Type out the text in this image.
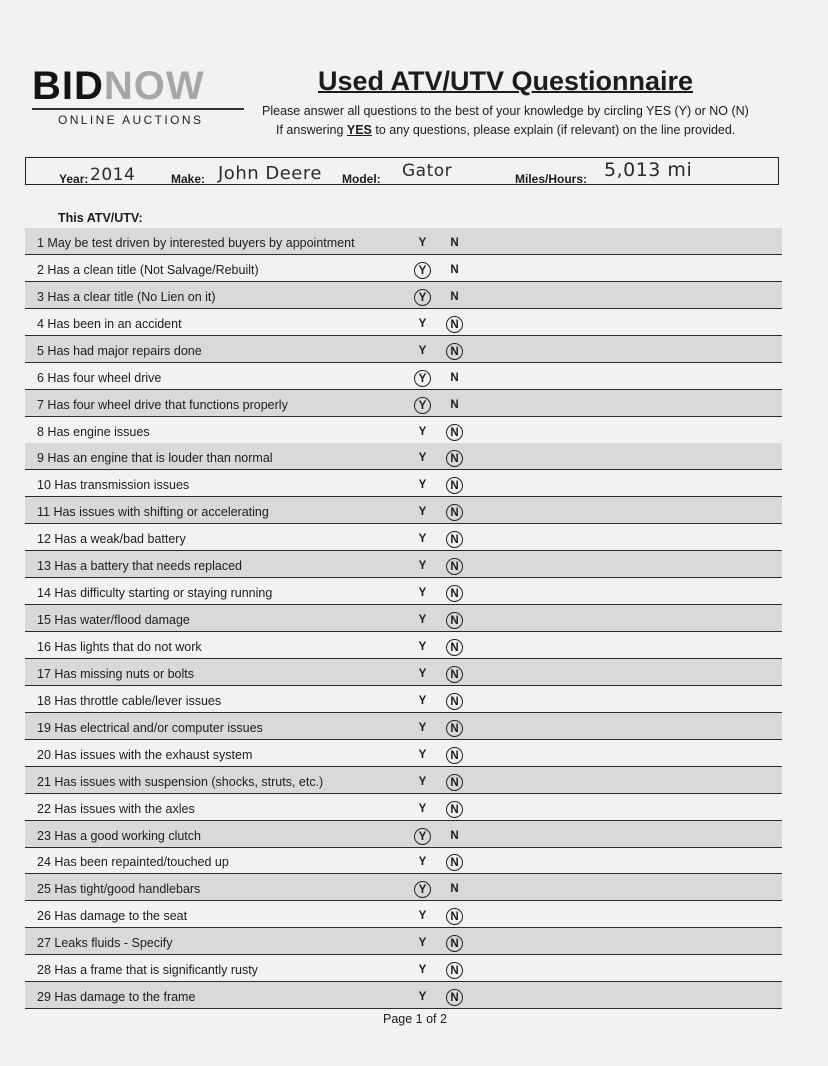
BIDNOW
ONLINE AUCTIONS
Used ATV/UTV Questionnaire
Please answer all questions to the best of your knowledge by circling YES (Y) or NO (N)
If answering YES to any questions, please explain (if relevant) on the line provided.
Year: 2014	Make: John Deere Model: Gator	Miles/Hours: 5,013 mi
This ATV/UTV:
1 May be test driven by interested buyers by appointment	Y	N
2 Has a clean title (Not Salvage/Rebuilt)	Y	N
3 Has a clear title (No Lien on it)	Y	N
4 Has been in an accident	Y	N
5 Has had major repairs done	Y	N
6 Has four wheel drive	Y	N
7 Has four wheel drive that functions properly	Y	N
8 Has engine issues	Y	N
9 Has an engine that is louder than normal	Y	N
10 Has transmission issues	Y	N
11 Has issues with shifting or accelerating	Y	N
12 Has a weak/bad battery	Y	N
13 Has a battery that needs replaced	Y	N
14 Has difficulty starting or staying running	Y	N
15 Has water/flood damage	Y	N
16 Has lights that do not work	Y	N
17 Has missing nuts or bolts	Y	N
18 Has throttle cable/lever issues	Y	N
19 Has electrical and/or computer issues	Y	N
20 Has issues with the exhaust system	Y	N
21 Has issues with suspension (shocks, struts, etc.)	Y	N
22 Has issues with the axles	Y	N
23 Has a good working clutch	Y	N
24 Has been repainted/touched up	Y	N
25 Has tight/good handlebars	Y	N
26 Has damage to the seat	Y	N
27 Leaks fluids - Specify	Y	N
28 Has a frame that is significantly rusty	Y	N
29 Has damage to the frame	Y	N
Page 1 of 2
